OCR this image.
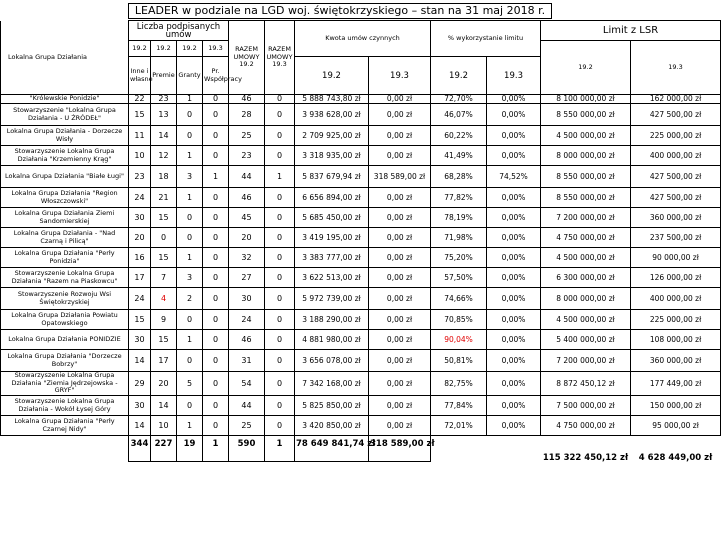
LEADER w podziale na LGD woj. świętokrzyskiego – stan na 31 maj 2018 r.
Lokalna Grupa Działania	Liczba podpisanych umów				RAZEM UMOWY 19.2	RAZEM UMOWY 19.3	Kwota umów czynnych		% wykorzystanie limitu		Limit z LSR	
	19.2	19.2	19.2	19.3							19.2	19.3
	Inne i własne	Premie	Granty	Pr. Współpracy			19.2	19.3	19.2	19.3		
"Królewskie Ponidzie"	22	23	1	0	46	0	5 888 743,80 zł	0,00 zł	72,70%	0,00%	8 100 000,00 zł	162 000,00 zł
Stowarzyszenie "Lokalna Grupa Działania - U ŹRÓDEŁ"	15	13	0	0	28	0	3 938 628,00 zł	0,00 zł	46,07%	0,00%	8 550 000,00 zł	427 500,00 zł
Lokalna Grupa Działania - Dorzecze Wisły	11	14	0	0	25	0	2 709 925,00 zł	0,00 zł	60,22%	0,00%	4 500 000,00 zł	225 000,00 zł
Stowarzyszenie Lokalna Grupa Działania "Krzemienny Krąg"	10	12	1	0	23	0	3 318 935,00 zł	0,00 zł	41,49%	0,00%	8 000 000,00 zł	400 000,00 zł
Lokalna Grupa Działania "Białe Ługi"	23	18	3	1	44	1	5 837 679,94 zł	318 589,00 zł	68,28%	74,52%	8 550 000,00 zł	427 500,00 zł
Lokalna Grupa Działania "Region Włoszczowski"	24	21	1	0	46	0	6 656 894,00 zł	0,00 zł	77,82%	0,00%	8 550 000,00 zł	427 500,00 zł
Lokalna Grupa Działania Ziemi Sandomierskiej	30	15	0	0	45	0	5 685 450,00 zł	0,00 zł	78,19%	0,00%	7 200 000,00 zł	360 000,00 zł
Lokalna Grupa Działania - "Nad Czarną i Pilicą"	20	0	0	0	20	0	3 419 195,00 zł	0,00 zł	71,98%	0,00%	4 750 000,00 zł	237 500,00 zł
Lokalna Grupa Działania "Perły Ponidzia"	16	15	1	0	32	0	3 383 777,00 zł	0,00 zł	75,20%	0,00%	4 500 000,00 zł	90 000,00 zł
Stowarzyszenie Lokalna Grupa Działania "Razem na Piaskowcu"	17	7	3	0	27	0	3 622 513,00 zł	0,00 zł	57,50%	0,00%	6 300 000,00 zł	126 000,00 zł
Stowarzyszenie Rozwoju Wsi Świętokrzyskiej	24	4	2	0	30	0	5 972 739,00 zł	0,00 zł	74,66%	0,00%	8 000 000,00 zł	400 000,00 zł
Lokalna Grupa Działania Powiatu Opatowskiego	15	9	0	0	24	0	3 188 290,00 zł	0,00 zł	70,85%	0,00%	4 500 000,00 zł	225 000,00 zł
Lokalna Grupa Działania PONIDZIE	30	15	1	0	46	0	4 881 980,00 zł	0,00 zł	90,04%	0,00%	5 400 000,00 zł	108 000,00 zł
Lokalna Grupa Działania "Dorzecze Bobrzy"	14	17	0	0	31	0	3 656 078,00 zł	0,00 zł	50,81%	0,00%	7 200 000,00 zł	360 000,00 zł
Stowarzyszenie Lokalna Grupa Działania "Ziemia Jędrzejowska - GRYF"	29	20	5	0	54	0	7 342 168,00 zł	0,00 zł	82,75%	0,00%	8 872 450,12 zł	177 449,00 zł
Stowarzyszenie Lokalna Grupa Działania - Wokół Łysej Góry	30	14	0	0	44	0	5 825 850,00 zł	0,00 zł	77,84%	0,00%	7 500 000,00 zł	150 000,00 zł
Lokalna Grupa Działania "Perły Czarnej Nidy"	14	10	1	0	25	0	3 420 850,00 zł	0,00 zł	72,01%	0,00%	4 750 000,00 zł	95 000,00 zł
	344	227	19	1	590	1	78 649 841,74 zł	318 589,00 zł			115 322 450,12 zł	4 628 449,00 zł
